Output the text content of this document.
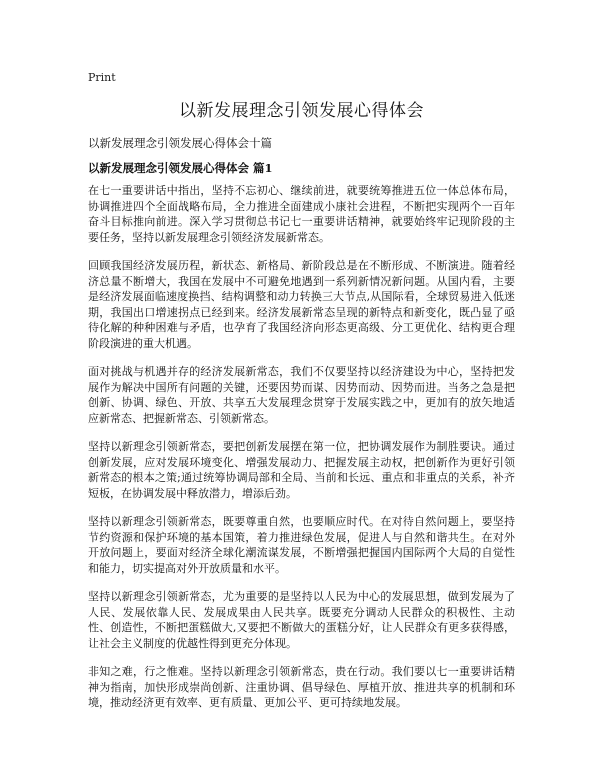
Print
以新发展理念引领发展心得体会
以新发展理念引领发展心得体会十篇
以新发展理念引领发展心得体会 篇1

在七一重要讲话中指出，坚持不忘初心、继续前进，就要统筹推进五位一体总体布局，协调推进四个全面战略布局，全力推进全面建成小康社会进程，不断把实现两个一百年奋斗目标推向前进。深入学习贯彻总书记七一重要讲话精神，就要始终牢记现阶段的主要任务，坚持以新发展理念引领经济发展新常态。

回顾我国经济发展历程，新状态、新格局、新阶段总是在不断形成、不断演进。随着经济总量不断增大，我国在发展中不可避免地遇到一系列新情况新问题。从国内看，主要是经济发展面临速度换挡、结构调整和动力转换三大节点,从国际看，全球贸易进入低迷期，我国出口增速拐点已经到来。经济发展新常态呈现的新特点和新变化，既凸显了亟待化解的种种困难与矛盾，也孕育了我国经济向形态更高级、分工更优化、结构更合理阶段演进的重大机遇。

面对挑战与机遇并存的经济发展新常态，我们不仅要坚持以经济建设为中心，坚持把发展作为解决中国所有问题的关键，还要因势而谋、因势而动、因势而进。当务之急是把创新、协调、绿色、开放、共享五大发展理念贯穿于发展实践之中，更加有的放矢地适应新常态、把握新常态、引领新常态。

坚持以新理念引领新常态，要把创新发展摆在第一位，把协调发展作为制胜要诀。通过创新发展，应对发展环境变化、增强发展动力、把握发展主动权，把创新作为更好引领新常态的根本之策;通过统筹协调局部和全局、当前和长远、重点和非重点的关系，补齐短板，在协调发展中释放潜力，增添后劲。

坚持以新理念引领新常态，既要尊重自然，也要顺应时代。在对待自然问题上，要坚持节约资源和保护环境的基本国策，着力推进绿色发展，促进人与自然和谐共生。在对外开放问题上，要面对经济全球化潮流谋发展，不断增强把握国内国际两个大局的自觉性和能力，切实提高对外开放质量和水平。

坚持以新理念引领新常态，尤为重要的是坚持以人民为中心的发展思想，做到发展为了人民、发展依靠人民、发展成果由人民共享。既要充分调动人民群众的积极性、主动性、创造性，不断把蛋糕做大,又要把不断做大的蛋糕分好，让人民群众有更多获得感，让社会主义制度的优越性得到更充分体现。

非知之难，行之惟难。坚持以新理念引领新常态，贵在行动。我们要以七一重要讲话精神为指南，加快形成崇尚创新、注重协调、倡导绿色、厚植开放、推进共享的机制和环境，推动经济更有效率、更有质量、更加公平、更可持续地发展。
